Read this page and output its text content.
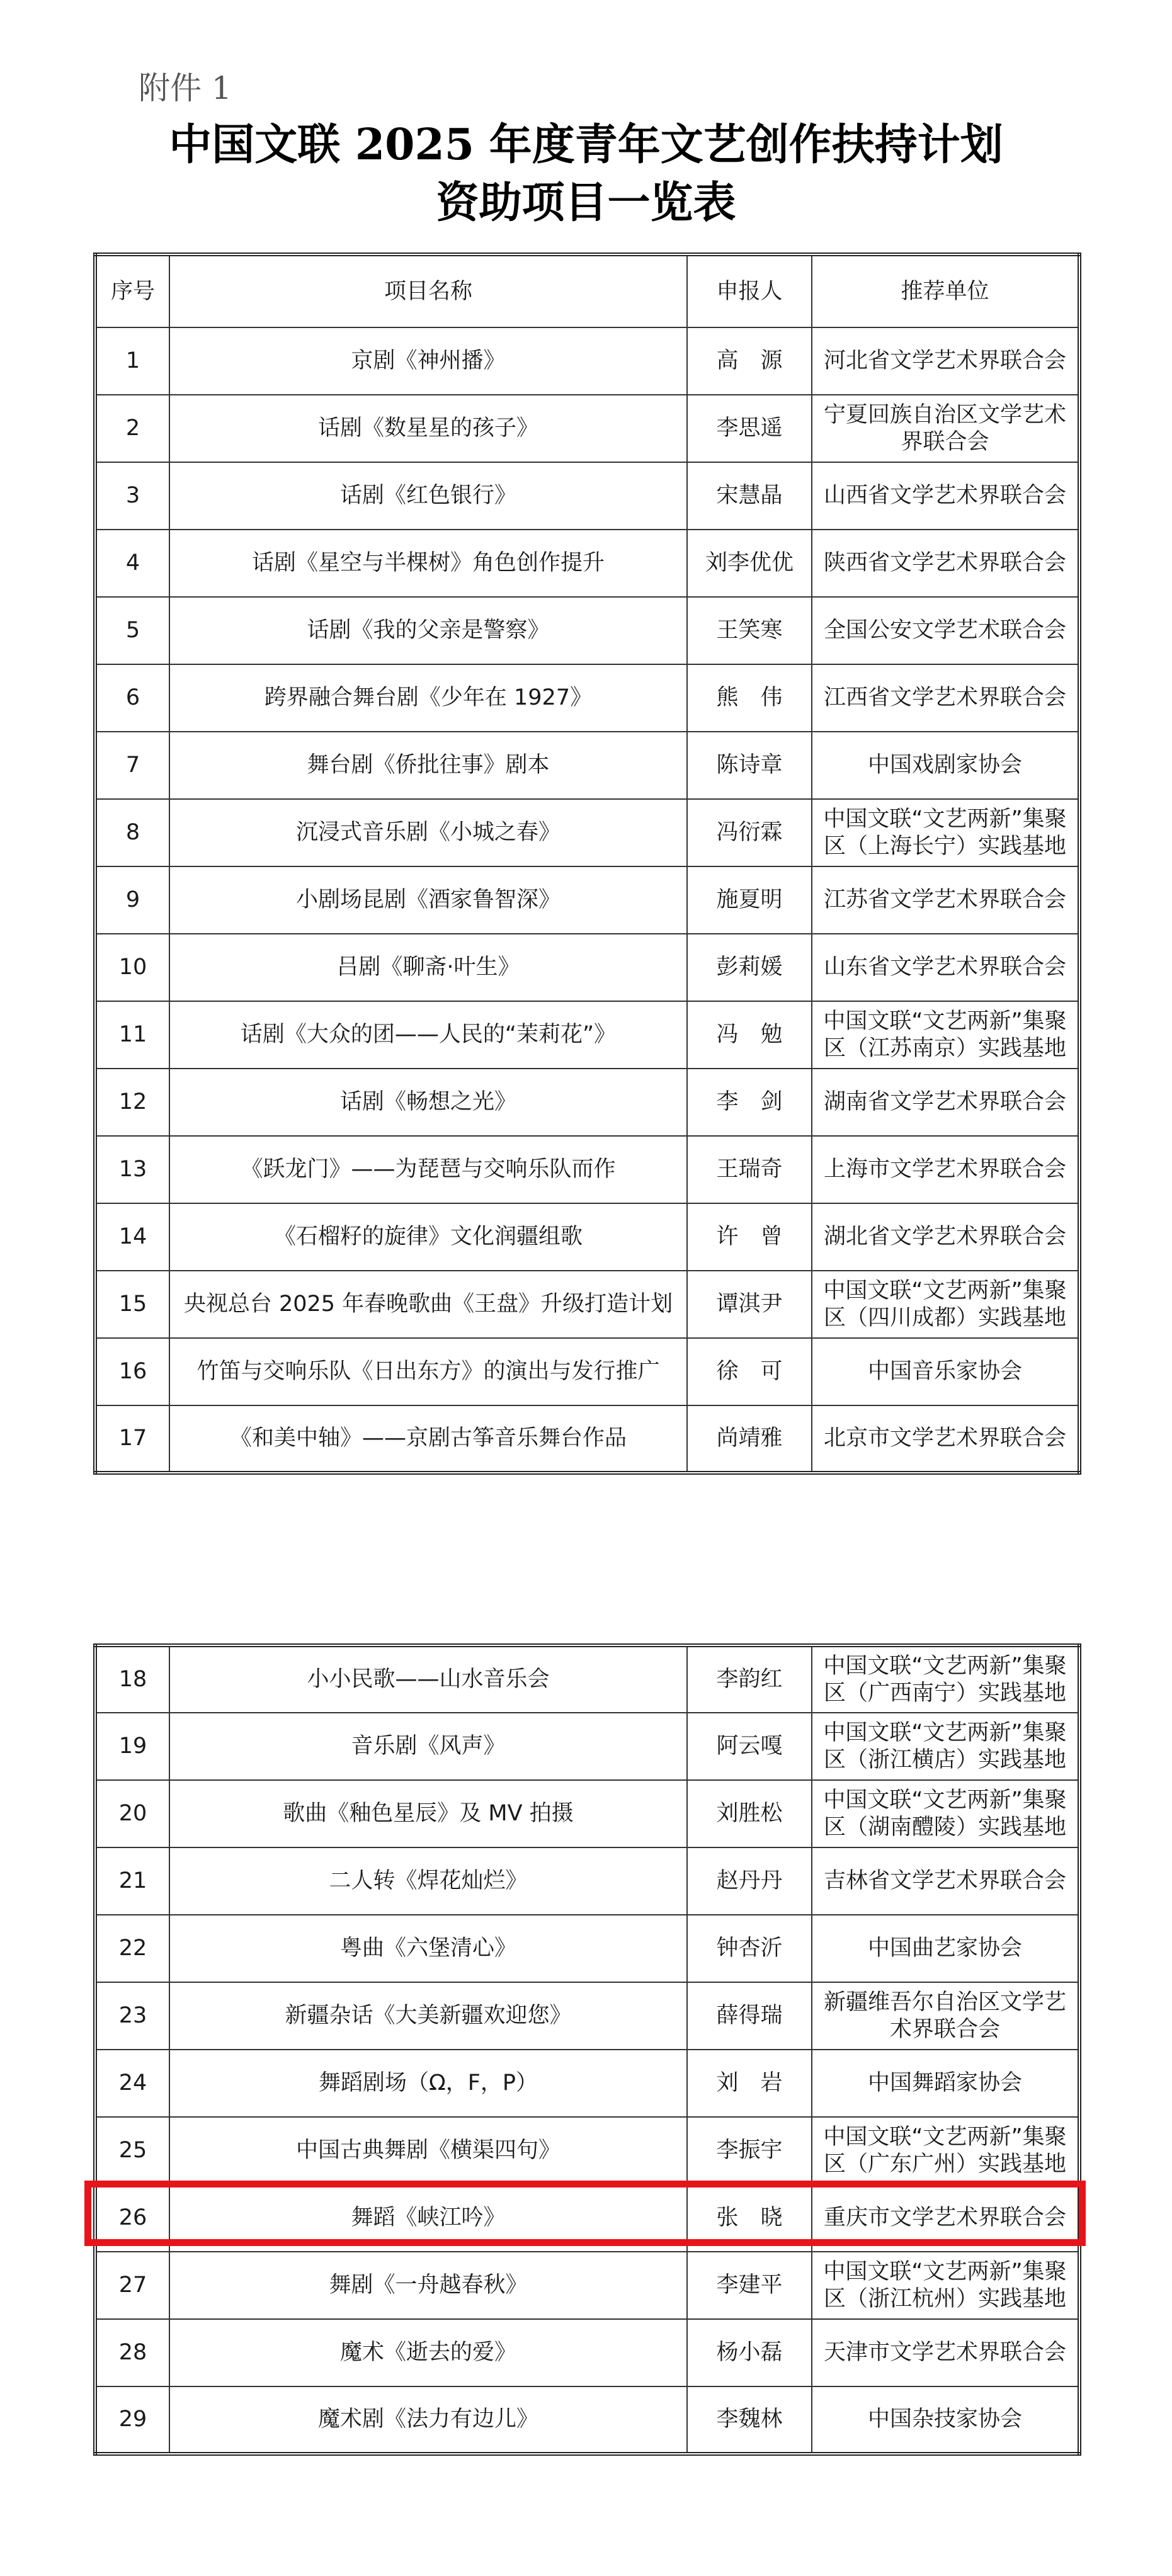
附件 1
中国文联 2025 年度青年文艺创作扶持计划
资助项目一览表
序号	项目名称	申报人	推荐单位
1	京剧《神州播》	高　源	河北省文学艺术界联合会
2	话剧《数星星的孩子》	李思遥	宁夏回族自治区文学艺术界联合会
3	话剧《红色银行》	宋慧晶	山西省文学艺术界联合会
4	话剧《星空与半棵树》角色创作提升	刘李优优	陕西省文学艺术界联合会
5	话剧《我的父亲是警察》	王笑寒	全国公安文学艺术联合会
6	跨界融合舞台剧《少年在 1927》	熊　伟	江西省文学艺术界联合会
7	舞台剧《侨批往事》剧本	陈诗章	中国戏剧家协会
8	沉浸式音乐剧《小城之春》	冯衍霖	中国文联“文艺两新”集聚区（上海长宁）实践基地
9	小剧场昆剧《酒家鲁智深》	施夏明	江苏省文学艺术界联合会
10	吕剧《聊斋·叶生》	彭莉媛	山东省文学艺术界联合会
11	话剧《大众的团——人民的“茉莉花”》	冯　勉	中国文联“文艺两新”集聚区（江苏南京）实践基地
12	话剧《畅想之光》	李　剑	湖南省文学艺术界联合会
13	《跃龙门》——为琵琶与交响乐队而作	王瑞奇	上海市文学艺术界联合会
14	《石榴籽的旋律》文化润疆组歌	许　曾	湖北省文学艺术界联合会
15	央视总台 2025 年春晚歌曲《王盘》升级打造计划	谭淇尹	中国文联“文艺两新”集聚区（四川成都）实践基地
16	竹笛与交响乐队《日出东方》的演出与发行推广	徐　可	中国音乐家协会
17	《和美中轴》——京剧古筝音乐舞台作品	尚靖雅	北京市文学艺术界联合会
18	小小民歌——山水音乐会	李韵红	中国文联“文艺两新”集聚区（广西南宁）实践基地
19	音乐剧《风声》	阿云嘎	中国文联“文艺两新”集聚区（浙江横店）实践基地
20	歌曲《釉色星辰》及 MV 拍摄	刘胜松	中国文联“文艺两新”集聚区（湖南醴陵）实践基地
21	二人转《焊花灿烂》	赵丹丹	吉林省文学艺术界联合会
22	粤曲《六堡清心》	钟杏沂	中国曲艺家协会
23	新疆杂话《大美新疆欢迎您》	薛得瑞	新疆维吾尔自治区文学艺术界联合会
24	舞蹈剧场（Ω，F，P）	刘　岩	中国舞蹈家协会
25	中国古典舞剧《横渠四句》	李振宇	中国文联“文艺两新”集聚区（广东广州）实践基地
26	舞蹈《峡江吟》	张　晓	重庆市文学艺术界联合会
27	舞剧《一舟越春秋》	李建平	中国文联“文艺两新”集聚区（浙江杭州）实践基地
28	魔术《逝去的爱》	杨小磊	天津市文学艺术界联合会
29	魔术剧《法力有边儿》	李魏林	中国杂技家协会
